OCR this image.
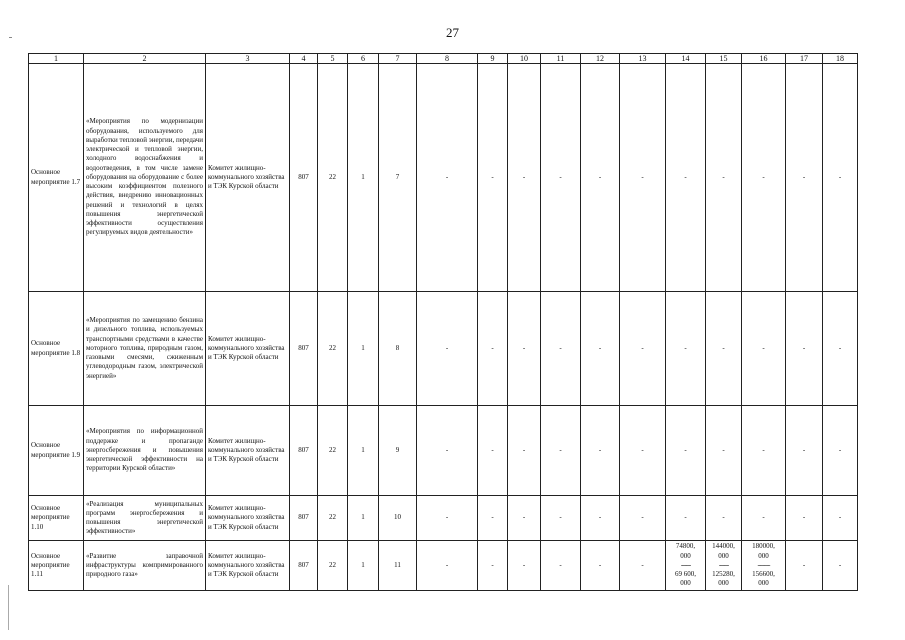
27
1	2	3	4	5	6	7	8	9	10	11	12	13	14	15	16	17	18
Основное мероприятие 1.7	«Мероприятия по модернизации оборудования, используемого для выработки тепловой энергии, передачи электрической и тепловой энергии, холодного водоснабжения и водоотведения, в том числе замене оборудования на оборудование с более высоким коэффициентом полезного действия, внедрению инновационных решений и технологий в целях повышения энергетической эффективности осуществления регулируемых видов деятельности»	Комитет жилищно-коммунального хозяйства и ТЭК Курской области	807	22	1	7	-	-	-	-	-	-	-	-	-	-	-
Основное мероприятие 1.8	«Мероприятия по замещению бензина и дизельного топлива, используемых транспортными средствами в качестве моторного топлива, природным газом, газовыми смесями, сжиженным углеводородным газом, электрической энергией»	Комитет жилищно-коммунального хозяйства и ТЭК Курской области	807	22	1	8	-	-	-	-	-	-	-	-	-	-	-
Основное мероприятие 1.9	«Мероприятия по информационной поддержке и пропаганде энергосбережения и повышения энергетической эффективности на территории Курской области»	Комитет жилищно-коммунального хозяйства и ТЭК Курской области	807	22	1	9	-	-	-	-	-	-	-	-	-	-	-
Основное мероприятие 1.10	«Реализация муниципальных программ энергосбережения и повышения энергетической эффективности»	Комитет жилищно-коммунального хозяйства и ТЭК Курской области	807	22	1	10	-	-	-	-	-	-	-	-	-	-	-
Основное мероприятие 1.11	«Развитие заправочной инфраструктуры компримированного природного газа»	Комитет жилищно-коммунального хозяйства и ТЭК Курской области	807	22	1	11	-	-	-	-	-	-	74800,
000
-------
69 600,
000	144000,
000
-------
125280,
000	180000,
000
---------
156600,
000	-	-
